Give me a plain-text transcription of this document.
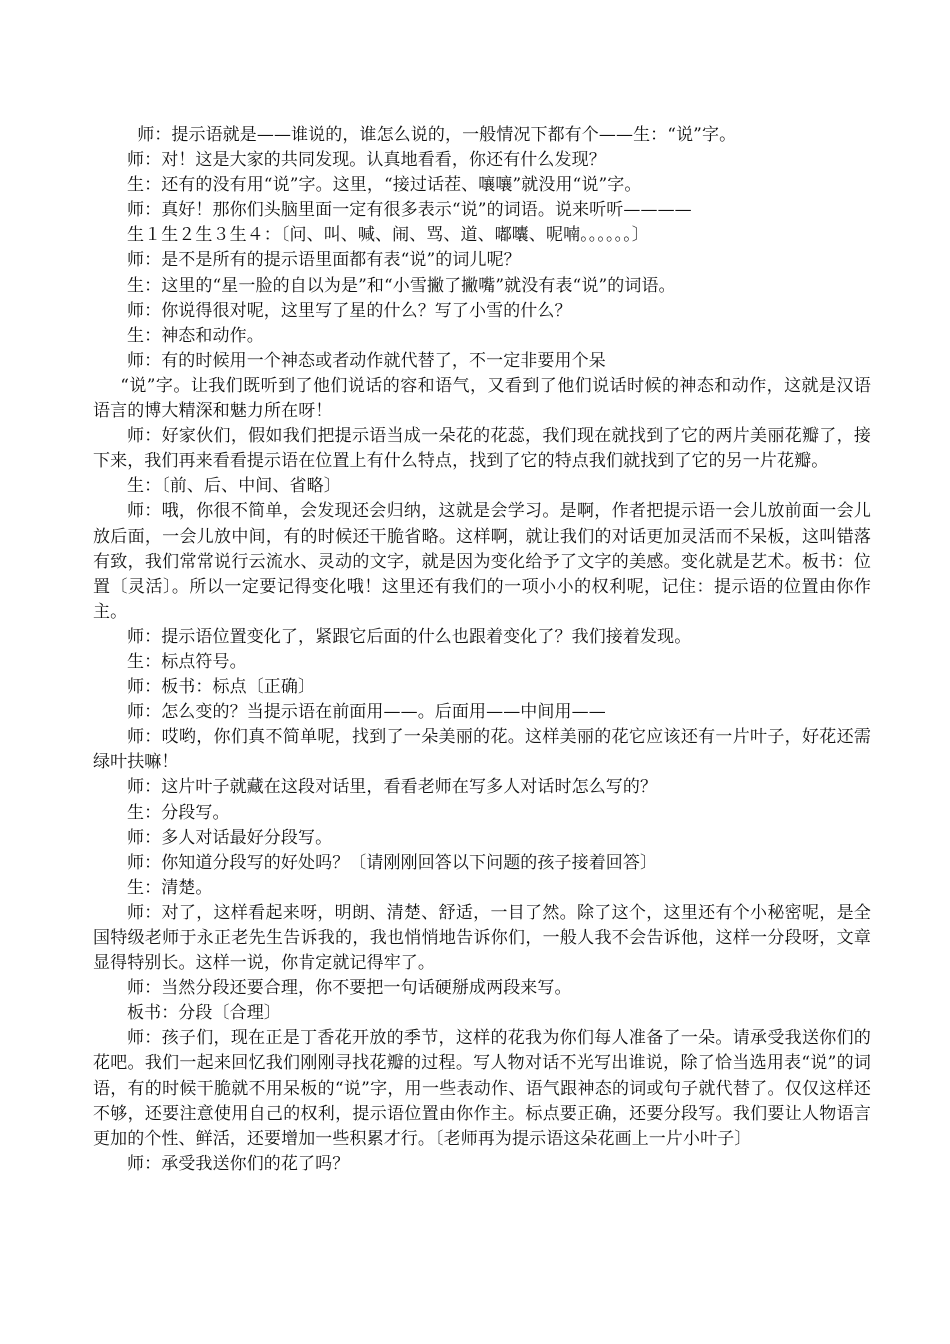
师：提示语就是——谁说的，谁怎么说的，一般情况下都有个——生：“说”字。

师：对！这是大家的共同发现。认真地看看，你还有什么发现？

生：还有的没有用“说”字。这里，“接过话茬、嚷嚷”就没用“说”字。

师：真好！那你们头脑里面一定有很多表示“说”的词语。说来听听————

生１生２生３生４：〔问、叫、喊、闹、骂、道、嘟囔、呢喃。。。。。。〕

师：是不是所有的提示语里面都有表“说”的词儿呢？

生：这里的“星一脸的自以为是”和“小雪撇了撇嘴”就没有表“说”的词语。

师：你说得很对呢，这里写了星的什么？写了小雪的什么？

生：神态和动作。

师：有的时候用一个神态或者动作就代替了，不一定非要用个呆

“说”字。让我们既听到了他们说话的容和语气，又看到了他们说话时候的神态和动作，这就是汉语语言的博大精深和魅力所在呀！

师：好家伙们，假如我们把提示语当成一朵花的花蕊，我们现在就找到了它的两片美丽花瓣了，接下来，我们再来看看提示语在位置上有什么特点，找到了它的特点我们就找到了它的另一片花瓣。

生：〔前、后、中间、省略〕

师：哦，你很不简单，会发现还会归纳，这就是会学习。是啊，作者把提示语一会儿放前面一会儿放后面，一会儿放中间，有的时候还干脆省略。这样啊，就让我们的对话更加灵活而不呆板，这叫错落有致，我们常常说行云流水、灵动的文字，就是因为变化给予了文字的美感。变化就是艺术。板书：位置〔灵活〕。所以一定要记得变化哦！这里还有我们的一项小小的权利呢，记住：提示语的位置由你作主。

师：提示语位置变化了，紧跟它后面的什么也跟着变化了？我们接着发现。

生：标点符号。

师：板书：标点〔正确〕

师：怎么变的？当提示语在前面用——。后面用——中间用——

师：哎哟，你们真不简单呢，找到了一朵美丽的花。这样美丽的花它应该还有一片叶子，好花还需绿叶扶嘛！

师：这片叶子就藏在这段对话里，看看老师在写多人对话时怎么写的？

生：分段写。

师：多人对话最好分段写。

师：你知道分段写的好处吗？〔请刚刚回答以下问题的孩子接着回答〕

生：清楚。

师：对了，这样看起来呀，明朗、清楚、舒适，一目了然。除了这个，这里还有个小秘密呢，是全国特级老师于永正老先生告诉我的，我也悄悄地告诉你们，一般人我不会告诉他，这样一分段呀，文章显得特别长。这样一说，你肯定就记得牢了。

师：当然分段还要合理，你不要把一句话硬掰成两段来写。

板书：分段〔合理〕

师：孩子们，现在正是丁香花开放的季节，这样的花我为你们每人准备了一朵。请承受我送你们的花吧。我们一起来回忆我们刚刚寻找花瓣的过程。写人物对话不光写出谁说，除了恰当选用表“说”的词语，有的时候干脆就不用呆板的“说”字，用一些表动作、语气跟神态的词或句子就代替了。仅仅这样还不够，还要注意使用自己的权利，提示语位置由你作主。标点要正确，还要分段写。我们要让人物语言更加的个性、鲜活，还要增加一些积累才行。〔老师再为提示语这朵花画上一片小叶子〕

师：承受我送你们的花了吗？
